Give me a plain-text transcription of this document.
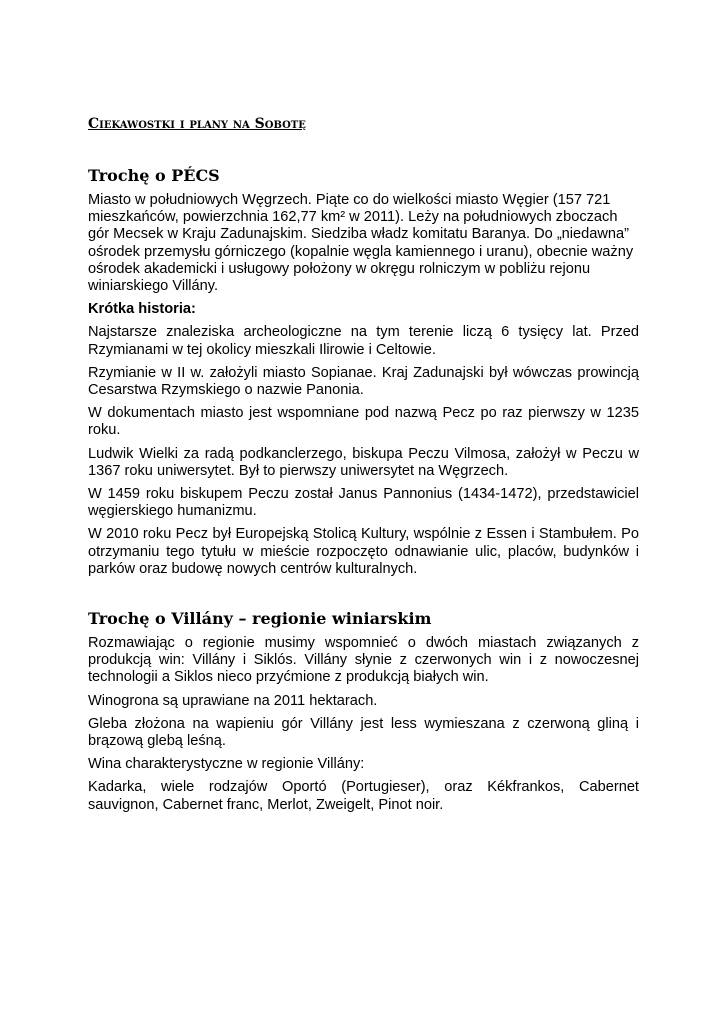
Ciekawostki i plany na Sobotę
Trochę o PÉCS

Miasto w południowych Węgrzech. Piąte co do wielkości miasto Węgier (157 721 mieszkańców, powierzchnia 162,77 km² w 2011). Leży na południowych zboczach gór Mecsek w Kraju Zadunajskim. Siedziba władz komitatu Baranya. Do „niedawna” ośrodek przemysłu górniczego (kopalnie węgla kamiennego i uranu), obecnie ważny ośrodek akademicki i usługowy położony w okręgu rolniczym w pobliżu rejonu winiarskiego Villány.

Krótka historia:

Najstarsze znaleziska archeologiczne na tym terenie liczą 6 tysięcy lat. Przed Rzymianami w tej okolicy mieszkali Ilirowie i Celtowie.

Rzymianie w II w. założyli miasto Sopianae. Kraj Zadunajski był wówczas prowincją Cesarstwa Rzymskiego o nazwie Panonia.

W dokumentach miasto jest wspomniane pod nazwą Pecz po raz pierwszy w 1235 roku.

Ludwik Wielki za radą podkanclerzego, biskupa Peczu Vilmosa, założył w Peczu w 1367 roku uniwersytet. Był to pierwszy uniwersytet na Węgrzech.

W 1459 roku biskupem Peczu został Janus Pannonius (1434-1472), przedstawiciel węgierskiego humanizmu.

W 2010 roku Pecz był Europejską Stolicą Kultury, wspólnie z Essen i Stambułem. Po otrzymaniu tego tytułu w mieście rozpoczęto odnawianie ulic, placów, budynków i parków oraz budowę nowych centrów kulturalnych.

Trochę o Villány – regionie winiarskim

Rozmawiając o regionie musimy wspomnieć o dwóch miastach związanych z produkcją win: Villány i Siklós. Villány słynie z czerwonych win i z nowoczesnej technologii a Siklos nieco przyćmione z produkcją białych win.

Winogrona są uprawiane na 2011 hektarach.

Gleba złożona na wapieniu gór Villány jest less wymieszana z czerwoną gliną i brązową glebą leśną.

Wina charakterystyczne w regionie Villány:

Kadarka, wiele rodzajów Oportó (Portugieser), oraz Kékfrankos, Cabernet sauvignon, Cabernet franc, Merlot, Zweigelt, Pinot noir.
